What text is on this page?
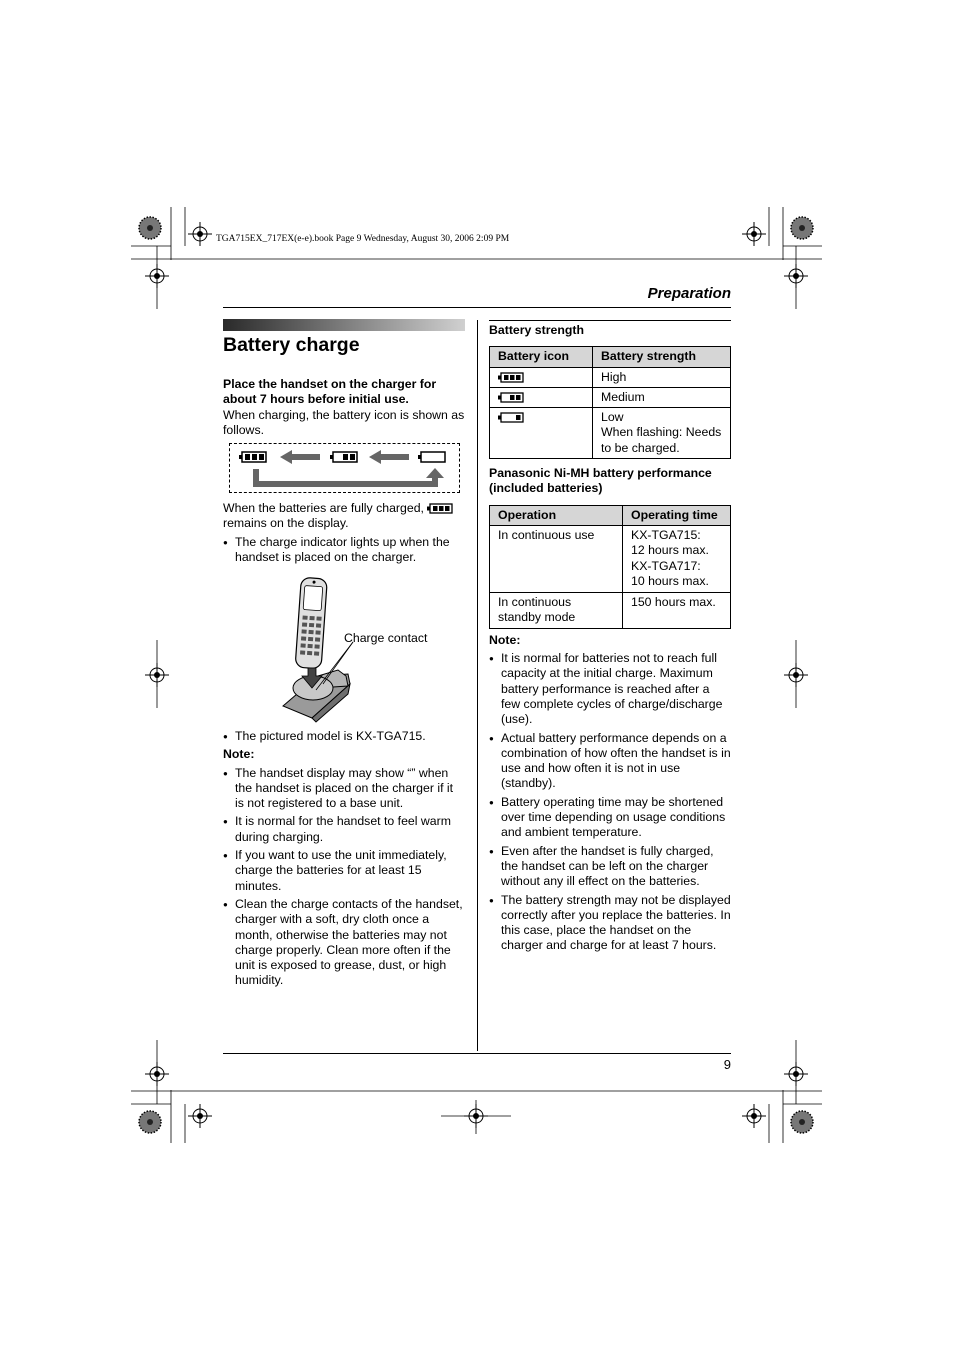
TGA715EX_717EX(e-e).book Page 9 Wednesday, August 30, 2006 2:09 PM
Preparation
9
Battery charge

Place the handset on the charger for about 7 hours before initial use.

When charging, the battery icon is shown as follows.

When the batteries are fully charged,
remains on the display.

● The charge indicator lights up when the handset is placed on the charger.
Charge contact
● The pictured model is KX-TGA715.

Note:

● The handset display may show “” when the handset is placed on the charger if it is not registered to a base unit.
● It is normal for the handset to feel warm during charging.
● If you want to use the unit immediately, charge the batteries for at least 15 minutes.
● Clean the charge contacts of the handset, charger with a soft, dry cloth once a month, otherwise the batteries may not charge properly. Clean more often if the unit is exposed to grease, dust, or high humidity.

Battery strength

Battery icon	Battery strength
	High
	Medium
	Low
When flashing: Needs to be charged.

Panasonic Ni-MH battery performance (included batteries)

Operation	Operating time
In continuous use	KX-TGA715:
12 hours max.
KX-TGA717:
10 hours max.
In continuous standby mode	150 hours max.

Note:

● It is normal for batteries not to reach full capacity at the initial charge. Maximum battery performance is reached after a few complete cycles of charge/discharge (use).
● Actual battery performance depends on a combination of how often the handset is in use and how often it is not in use (standby).
● Battery operating time may be shortened over time depending on usage conditions and ambient temperature.
● Even after the handset is fully charged, the handset can be left on the charger without any ill effect on the batteries.
● The battery strength may not be displayed correctly after you replace the batteries. In this case, place the handset on the charger and charge for at least 7 hours.
